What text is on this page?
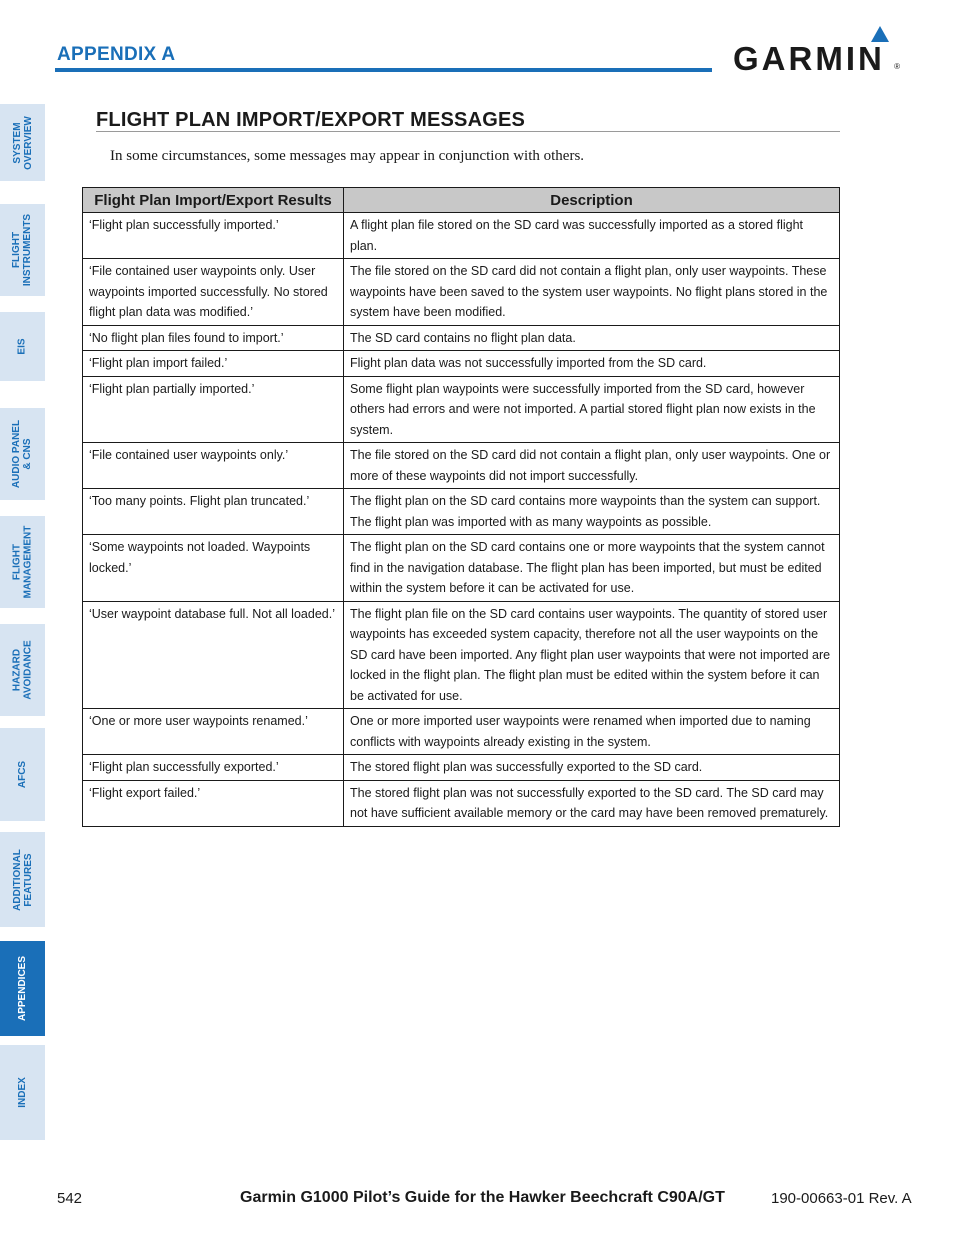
APPENDIX A	GARMIN ®
SYSTEM
OVERVIEW
FLIGHT
INSTRUMENTS
EIS
AUDIO PANEL
& CNS
FLIGHT
MANAGEMENT
HAZARD
AVOIDANCE
AFCS
ADDITIONAL
FEATURES
APPENDICES
INDEX
FLIGHT PLAN IMPORT/EXPORT MESSAGES
In some circumstances, some messages may appear in conjunction with others.
Flight Plan Import/Export Results	Description
‘Flight plan successfully imported.’	A flight plan file stored on the SD card was successfully imported as a stored flight plan.
‘File contained user waypoints only. User waypoints imported successfully. No stored flight plan data was modified.’	The file stored on the SD card did not contain a flight plan, only user waypoints. These waypoints have been saved to the system user waypoints. No flight plans stored in the system have been modified.
‘No flight plan files found to import.’	The SD card contains no flight plan data.
‘Flight plan import failed.’	Flight plan data was not successfully imported from the SD card.
‘Flight plan partially imported.’	Some flight plan waypoints were successfully imported from the SD card, however others had errors and were not imported. A partial stored flight plan now exists in the system.
‘File contained user waypoints only.’	The file stored on the SD card did not contain a flight plan, only user waypoints. One or more of these waypoints did not import successfully.
‘Too many points. Flight plan truncated.’	The flight plan on the SD card contains more waypoints than the system can support. The flight plan was imported with as many waypoints as possible.
‘Some waypoints not loaded. Waypoints locked.’	The flight plan on the SD card contains one or more waypoints that the system cannot find in the navigation database. The flight plan has been imported, but must be edited within the system before it can be activated for use.
‘User waypoint database full. Not all loaded.’	The flight plan file on the SD card contains user waypoints. The quantity of stored user waypoints has exceeded system capacity, therefore not all the user waypoints on the SD card have been imported. Any flight plan user waypoints that were not imported are locked in the flight plan. The flight plan must be edited within the system before it can be activated for use.
‘One or more user waypoints renamed.’	One or more imported user waypoints were renamed when imported due to naming conflicts with waypoints already existing in the system.
‘Flight plan successfully exported.’	The stored flight plan was successfully exported to the SD card.
‘Flight export failed.’	The stored flight plan was not successfully exported to the SD card. The SD card may not have sufficient available memory or the card may have been removed prematurely.
542	Garmin G1000 Pilot’s Guide for the Hawker Beechcraft C90A/GT	190-00663-01 Rev. A
